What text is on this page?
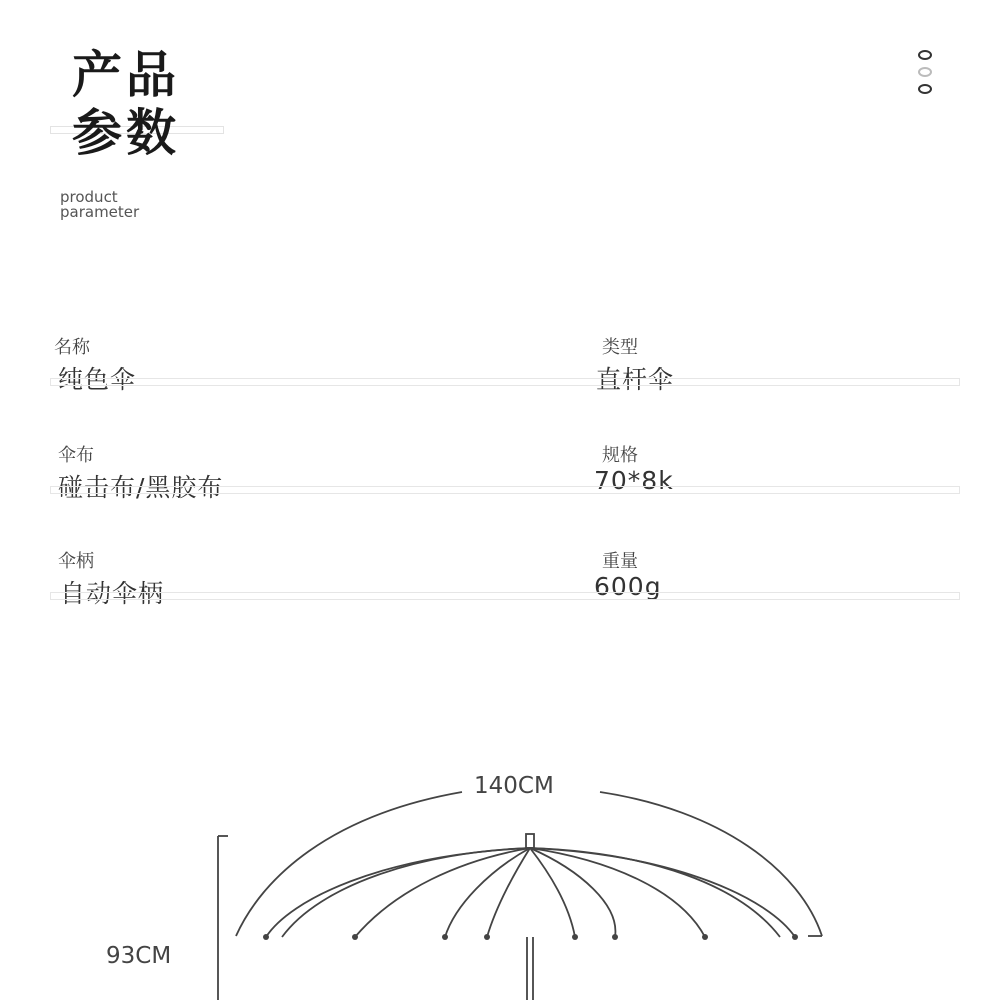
产品
参数
product
parameter
名称
纯色伞
类型
直杆伞
伞布
碰击布/黑胶布
规格
70*8k
伞柄
自动伞柄
重量
600g
140CM
93CM
